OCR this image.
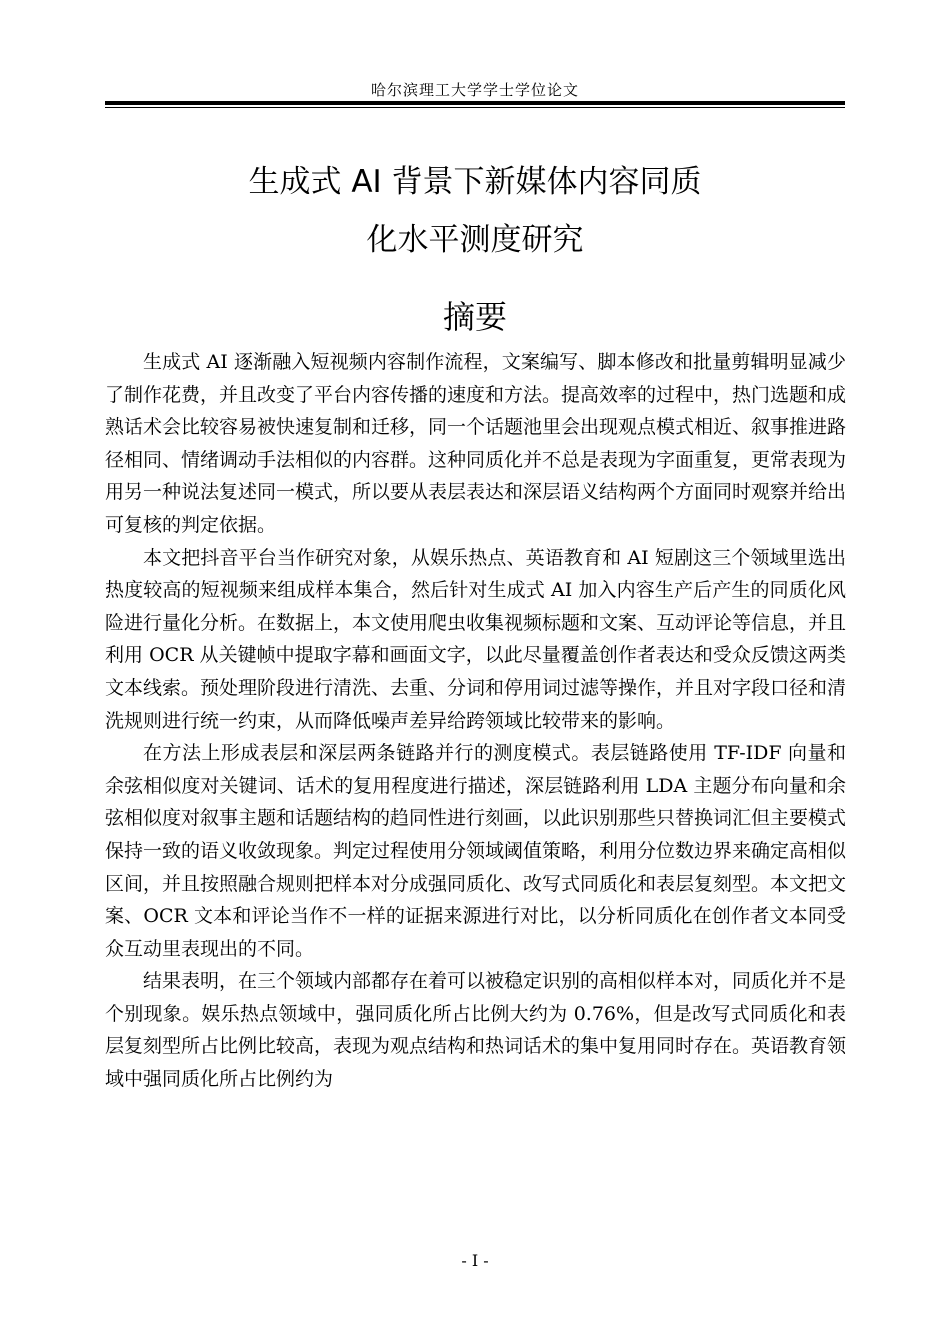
哈尔滨理工大学学士学位论文
生成式 AI 背景下新媒体内容同质
化水平测度研究
摘要

生成式 AI 逐渐融入短视频内容制作流程，文案编写、脚本修改和批量剪辑明显减少了制作花费，并且改变了平台内容传播的速度和方法。提高效率的过程中，热门选题和成熟话术会比较容易被快速复制和迁移，同一个话题池里会出现观点模式相近、叙事推进路径相同、情绪调动手法相似的内容群。这种同质化并不总是表现为字面重复，更常表现为用另一种说法复述同一模式，所以要从表层表达和深层语义结构两个方面同时观察并给出可复核的判定依据。

本文把抖音平台当作研究对象，从娱乐热点、英语教育和 AI 短剧这三个领域里选出热度较高的短视频来组成样本集合，然后针对生成式 AI 加入内容生产后产生的同质化风险进行量化分析。在数据上，本文使用爬虫收集视频标题和文案、互动评论等信息，并且利用 OCR 从关键帧中提取字幕和画面文字，以此尽量覆盖创作者表达和受众反馈这两类文本线索。预处理阶段进行清洗、去重、分词和停用词过滤等操作，并且对字段口径和清洗规则进行统一约束，从而降低噪声差异给跨领域比较带来的影响。

在方法上形成表层和深层两条链路并行的测度模式。表层链路使用 TF-IDF 向量和余弦相似度对关键词、话术的复用程度进行描述，深层链路利用 LDA 主题分布向量和余弦相似度对叙事主题和话题结构的趋同性进行刻画，以此识别那些只替换词汇但主要模式保持一致的语义收敛现象。判定过程使用分领域阈值策略，利用分位数边界来确定高相似区间，并且按照融合规则把样本对分成强同质化、改写式同质化和表层复刻型。本文把文案、OCR 文本和评论当作不一样的证据来源进行对比，以分析同质化在创作者文本同受众互动里表现出的不同。

结果表明，在三个领域内部都存在着可以被稳定识别的高相似样本对，同质化并不是个别现象。娱乐热点领域中，强同质化所占比例大约为 0.76%，但是改写式同质化和表层复刻型所占比例比较高，表现为观点结构和热词话术的集中复用同时存在。英语教育领域中强同质化所占比例约为

- I -
